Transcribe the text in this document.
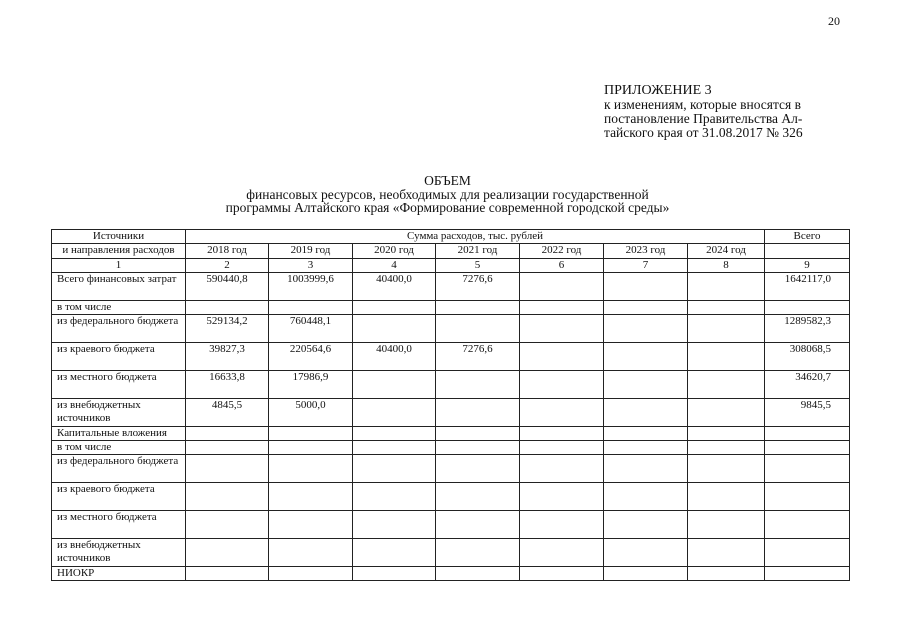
20
ПРИЛОЖЕНИЕ 3
к изменениям, которые вносятся в
постановление Правительства Ал-
тайского края от 31.08.2017 № 326
ОБЪЕМ
финансовых ресурсов, необходимых для реализации государственной
программы Алтайского края «Формирование современной городской среды»
Источники	Сумма расходов, тыс. рублей							Всего
и направления расходов	2018 год	2019 год	2020 год	2021 год	2022 год	2023 год	2024 год	
1	2	3	4	5	6	7	8	9
Всего финансовых затрат	590440,8	1003999,6	40400,0	7276,6				1642117,0
в том числе								
из федерального бюджета	529134,2	760448,1						1289582,3
из краевого бюджета	39827,3	220564,6	40400,0	7276,6				308068,5
из местного бюджета	16633,8	17986,9						34620,7
из внебюджетных источников	4845,5	5000,0						9845,5
Капитальные вложения								
в том числе								
из федерального бюджета								
из краевого бюджета								
из местного бюджета								
из внебюджетных источников								
НИОКР								
